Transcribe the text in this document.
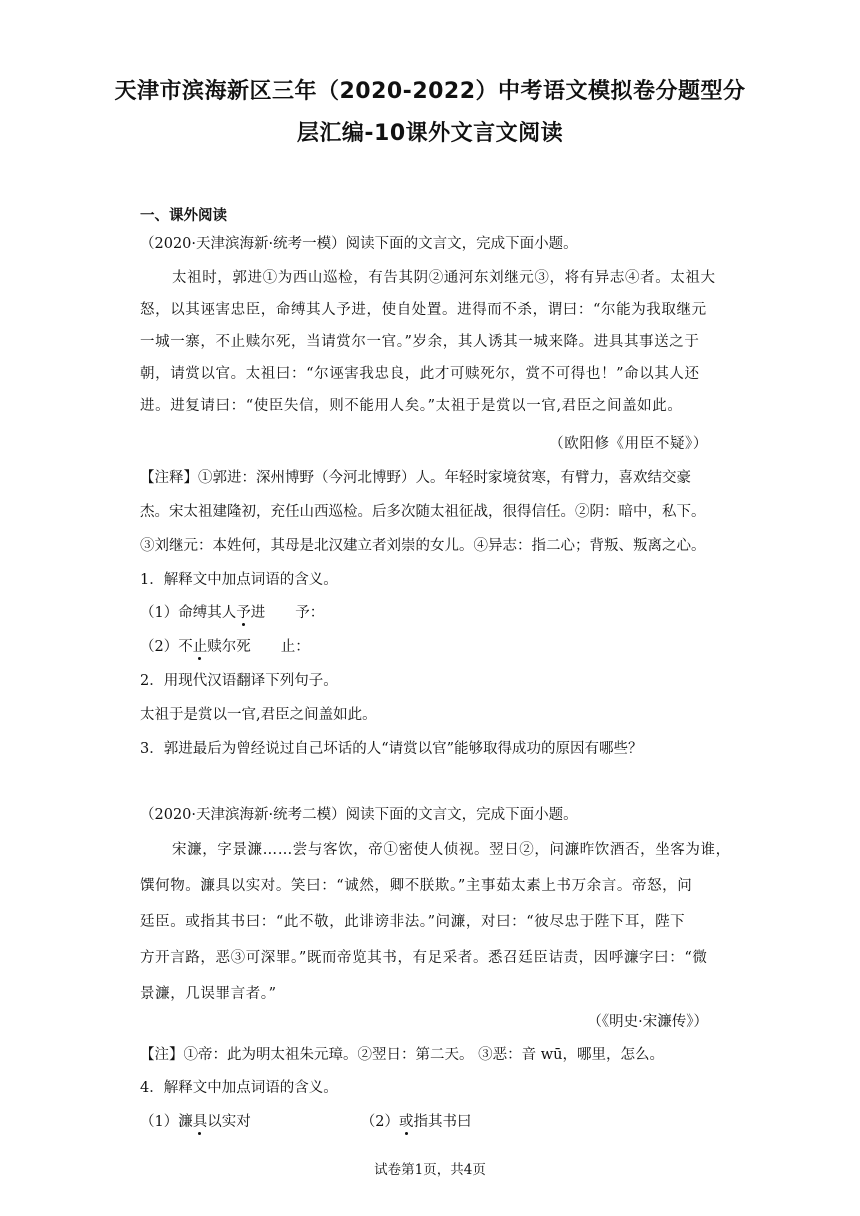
天津市滨海新区三年（2020-2022）中考语文模拟卷分题型分
层汇编-10课外文言文阅读
一、课外阅读
（2020·天津滨海新·统考一模）阅读下面的文言文，完成下面小题。
太祖时，郭进①为西山巡检，有告其阴②通河东刘继元③，将有异志④者。太祖大
怒，以其诬害忠臣，命缚其人予进，使自处置。进得而不杀，谓曰：“尔能为我取继元
一城一寨，不止赎尔死，当请赏尔一官。”岁余，其人诱其一城来降。进具其事送之于
朝，请赏以官。太祖曰：“尔诬害我忠良，此才可赎死尔，赏不可得也！”命以其人还
进。进复请曰：“使臣失信，则不能用人矣。”太祖于是赏以一官,君臣之间盖如此。
（欧阳修《用臣不疑》）
【注释】①郭进：深州博野（今河北博野）人。年轻时家境贫寒，有臂力，喜欢结交豪
杰。宋太祖建隆初，充任山西巡检。后多次随太祖征战，很得信任。②阴：暗中，私下。
③刘继元：本姓何，其母是北汉建立者刘崇的女儿。④异志：指二心；背叛、叛离之心。
1．解释文中加点词语的含义。
（1）命缚其人予进 予：
（2）不止赎尔死 止：
2．用现代汉语翻译下列句子。
太祖于是赏以一官,君臣之间盖如此。
3．郭进最后为曾经说过自己坏话的人“请赏以官”能够取得成功的原因有哪些？
（2020·天津滨海新·统考二模）阅读下面的文言文，完成下面小题。
宋濂，字景濂……尝与客饮，帝①密使人侦视。翌日②，问濂昨饮酒否，坐客为谁，
馔何物。濂具以实对。笑曰：“诚然，卿不朕欺。”主事茹太素上书万余言。帝怒，问
廷臣。或指其书曰：“此不敬，此诽谤非法。”问濂，对曰：“彼尽忠于陛下耳，陛下
方开言路，恶③可深罪。”既而帝览其书，有足采者。悉召廷臣诘责，因呼濂字曰：“微
景濂，几误罪言者。”
（《明史·宋濂传》）
【注】①帝：此为明太祖朱元璋。②翌日：第二天。 ③恶：音 wū，哪里，怎么。
4．解释文中加点词语的含义。
（1）濂具以实对	（2）或指其书曰
试卷第1页，共4页
